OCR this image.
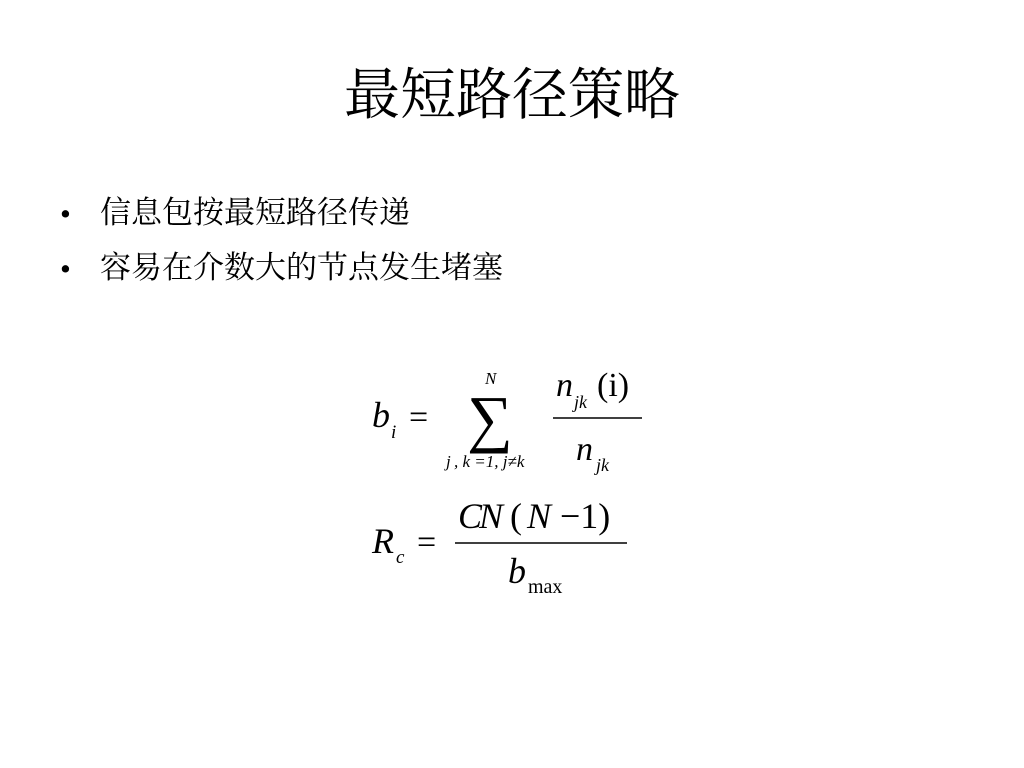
最短路径策略
• 信息包按最短路径传递
• 容易在介数大的节点发生堵塞
b i =
N
∑
j , k =1, j≠k
n jk (i)
n jk
R c =
C
N ( N −1)
b max
